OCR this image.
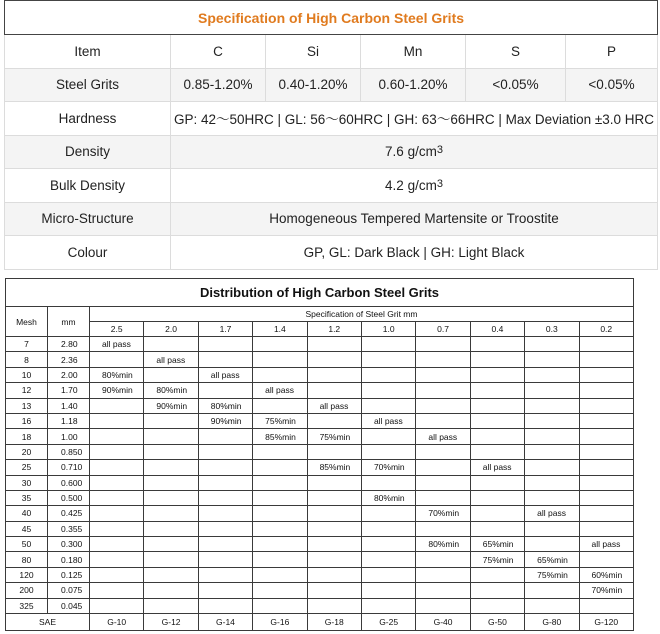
Specification of High Carbon Steel Grits					
Item	C	Si	Mn	S	P
Steel Grits	0.85-1.20%	0.40-1.20%	0.60-1.20%	<0.05%	<0.05%
Hardness	GP: 42～50HRC | GL: 56～60HRC | GH: 63～66HRC | Max Deviation ±3.0 HRC				
Density	7.6 $g/cm^3$
Bulk Density	4.2 $g/cm^3$
Micro-Structure	Homogeneous Tempered Martensite or Troostite				
Colour	GP, GL: Dark Black | GH: Light Black				
Distribution of High Carbon Steel Grits											
Mesh	mm	Specification of Steel Grit mm									
		2.5	2.0	1.7	1.4	1.2	1.0	0.7	0.4	0.3	0.2
7	2.80	all pass									
8	2.36		all pass								
10	2.00	80%min		all pass							
12	1.70	90%min	80%min		all pass						
13	1.40		90%min	80%min		all pass					
16	1.18			90%min	75%min		all pass				
18	1.00				85%min	75%min		all pass			
20	0.850										
25	0.710					85%min	70%min		all pass		
30	0.600										
35	0.500						80%min				
40	0.425							70%min		all pass	
45	0.355										
50	0.300							80%min	65%min		all pass
80	0.180								75%min	65%min	
120	0.125									75%min	60%min
200	0.075										70%min
325	0.045										
SAE		G-10	G-12	G-14	G-16	G-18	G-25	G-40	G-50	G-80	G-120
